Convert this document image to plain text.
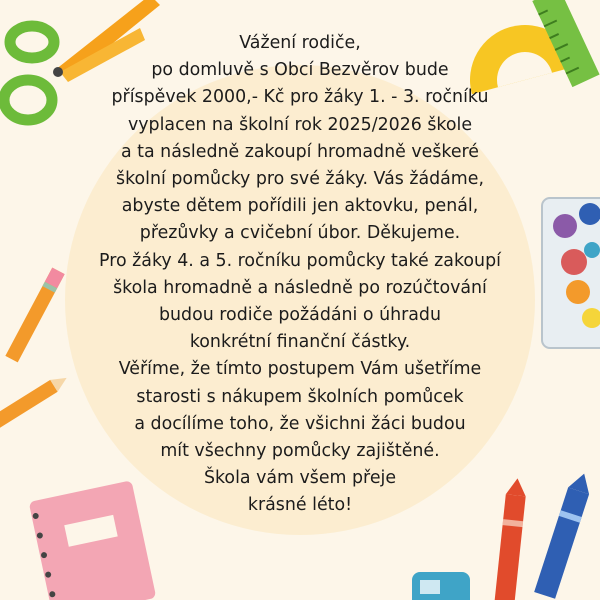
Vážení rodiče,
po domluvě s Obcí Bezvěrov bude
příspěvek 2000,- Kč pro žáky 1. - 3. ročníku
vyplacen na školní rok 2025/2026 škole
a ta následně zakoupí hromadně veškeré
školní pomůcky pro své žáky. Vás žádáme,
abyste dětem pořídili jen aktovku, penál,
přezůvky a cvičební úbor. Děkujeme.
Pro žáky 4. a 5. ročníku pomůcky také zakoupí
škola hromadně a následně po rozúčtování
budou rodiče požádáni o úhradu
konkrétní finanční částky.
Věříme, že tímto postupem Vám ušetříme
starosti s nákupem školních pomůcek
a docílíme toho, že všichni žáci budou
mít všechny pomůcky zajištěné.
Škola vám všem přeje
krásné léto!
